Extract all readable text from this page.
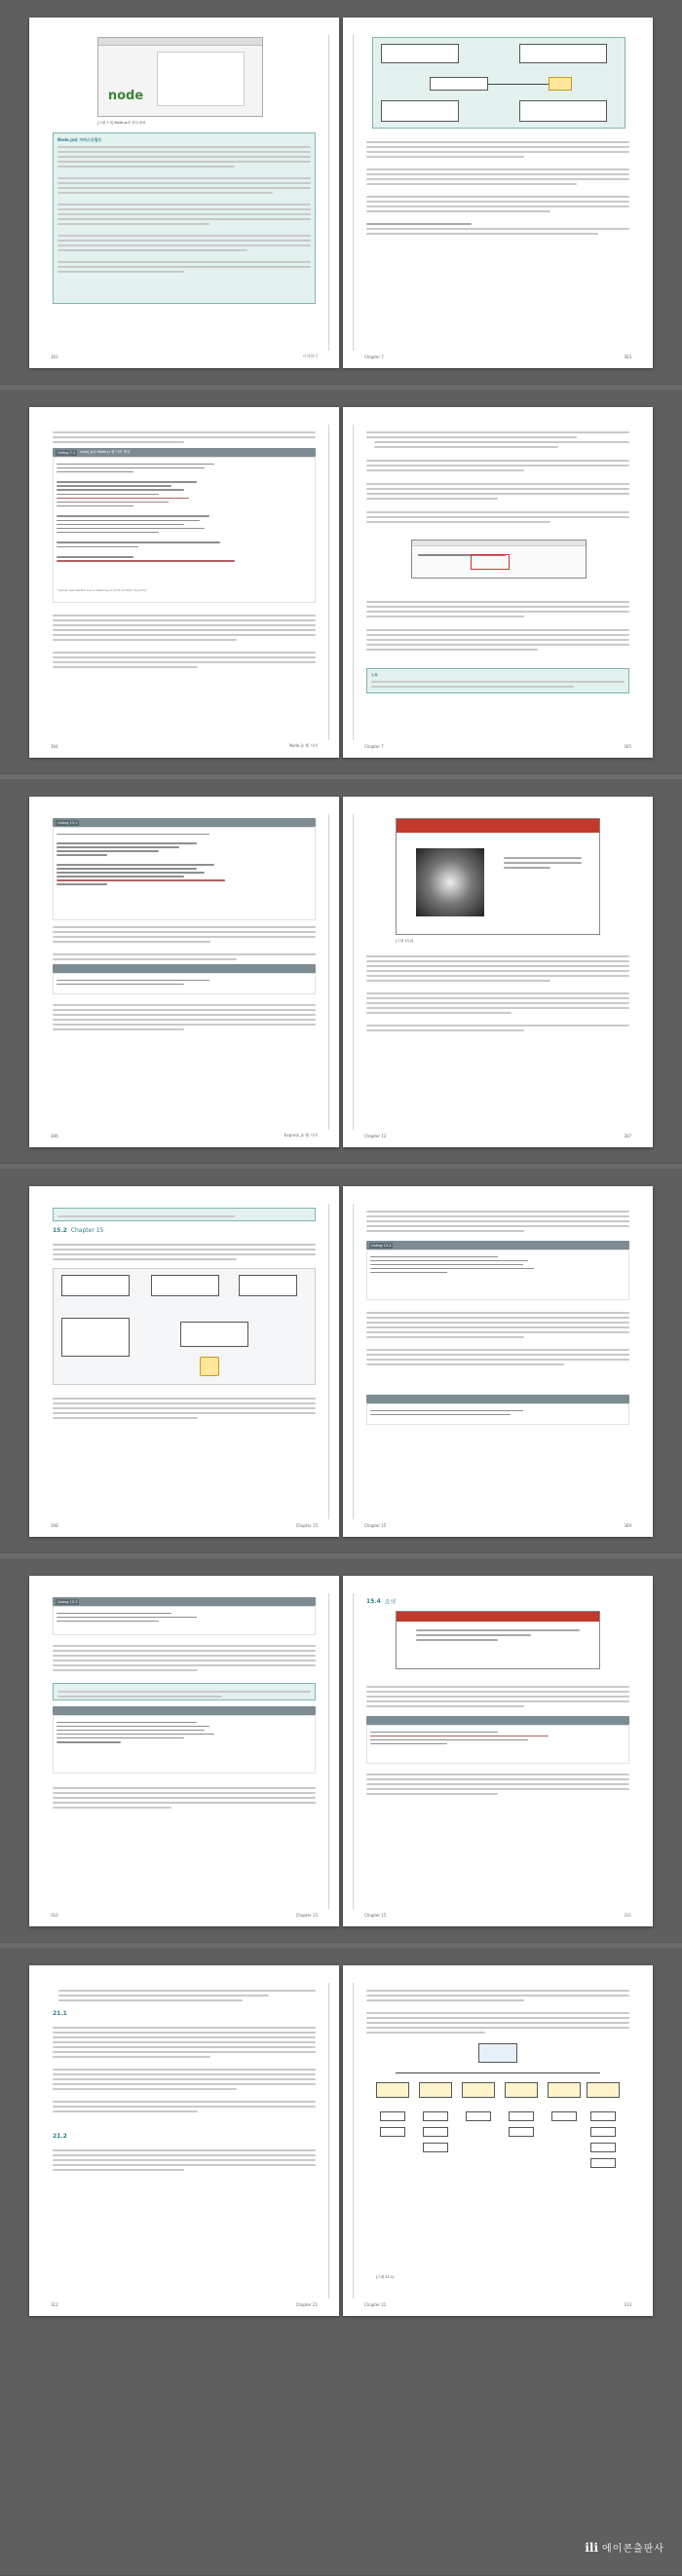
node
[그림 7-3] Node.js의 설치 완료
Node.js와 자바스크립트
302	시작하기	Chapter 7	303
Listing 7.1	main_js로 Node.js 웹 서버 생성
"server has started and is listening on port number: ${port}"
304	Node.js 웹 서버
노트
Chapter 7	305
Listing 13.1
306	Express.js 웹 서버
[그림 13.2]
Chapter 13	307
15.2 Chapter 15
308	Chapter 15
Listing 15.2
Chapter 15	309
Listing 15.3
310	Chapter 15
15.4 요약
Chapter 15	311
21.1
21.2
312	Chapter 21
[그림 21.1]
Chapter 21	313
ili 에이콘출판사
